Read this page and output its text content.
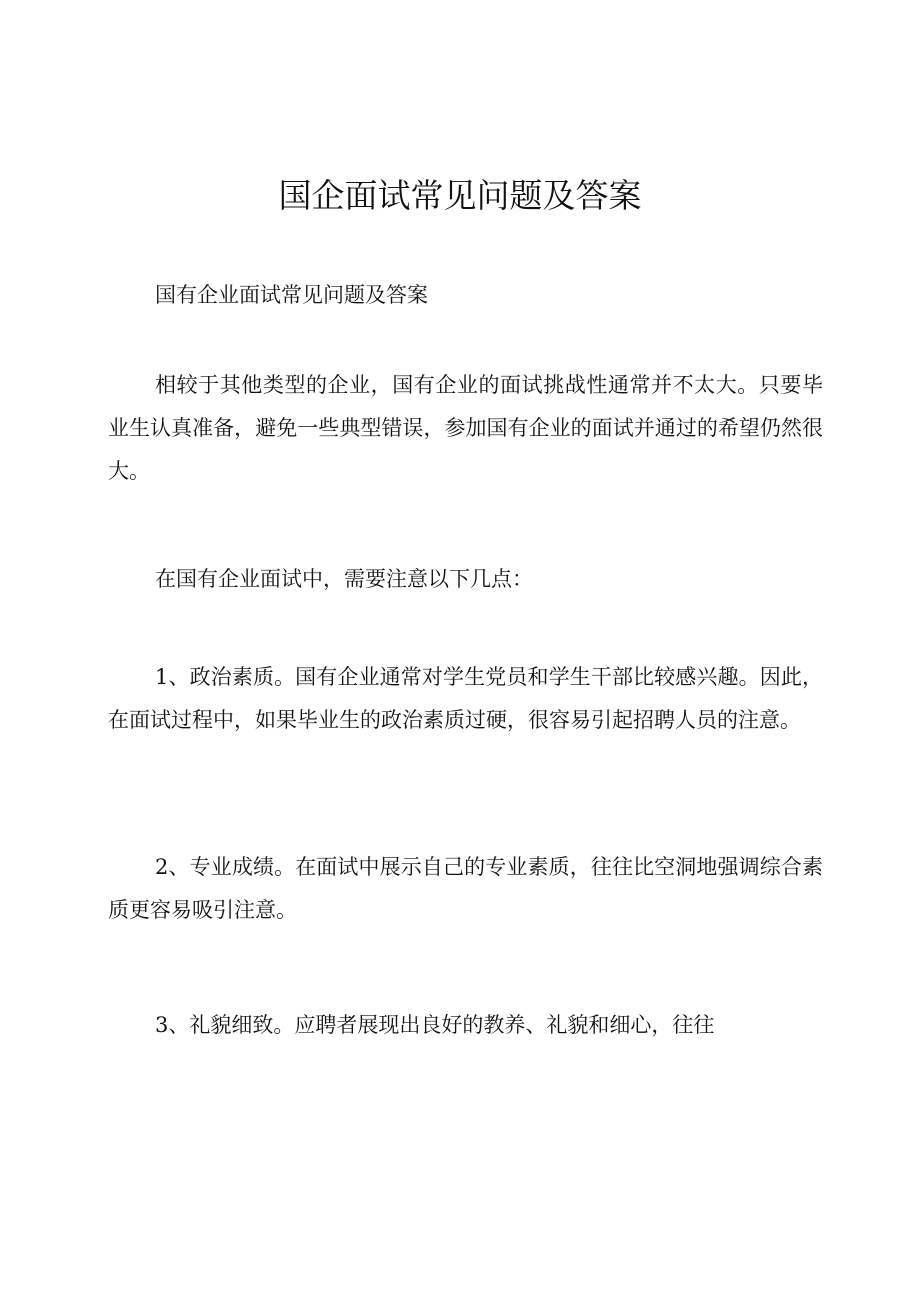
国企面试常见问题及答案

国有企业面试常见问题及答案

相较于其他类型的企业，国有企业的面试挑战性通常并不太大。只要毕业生认真准备，避免一些典型错误，参加国有企业的面试并通过的希望仍然很大。

在国有企业面试中，需要注意以下几点：

1、政治素质。国有企业通常对学生党员和学生干部比较感兴趣。因此，在面试过程中，如果毕业生的政治素质过硬，很容易引起招聘人员的注意。

2、专业成绩。在面试中展示自己的专业素质，往往比空洞地强调综合素质更容易吸引注意。

3、礼貌细致。应聘者展现出良好的教养、礼貌和细心，往往
